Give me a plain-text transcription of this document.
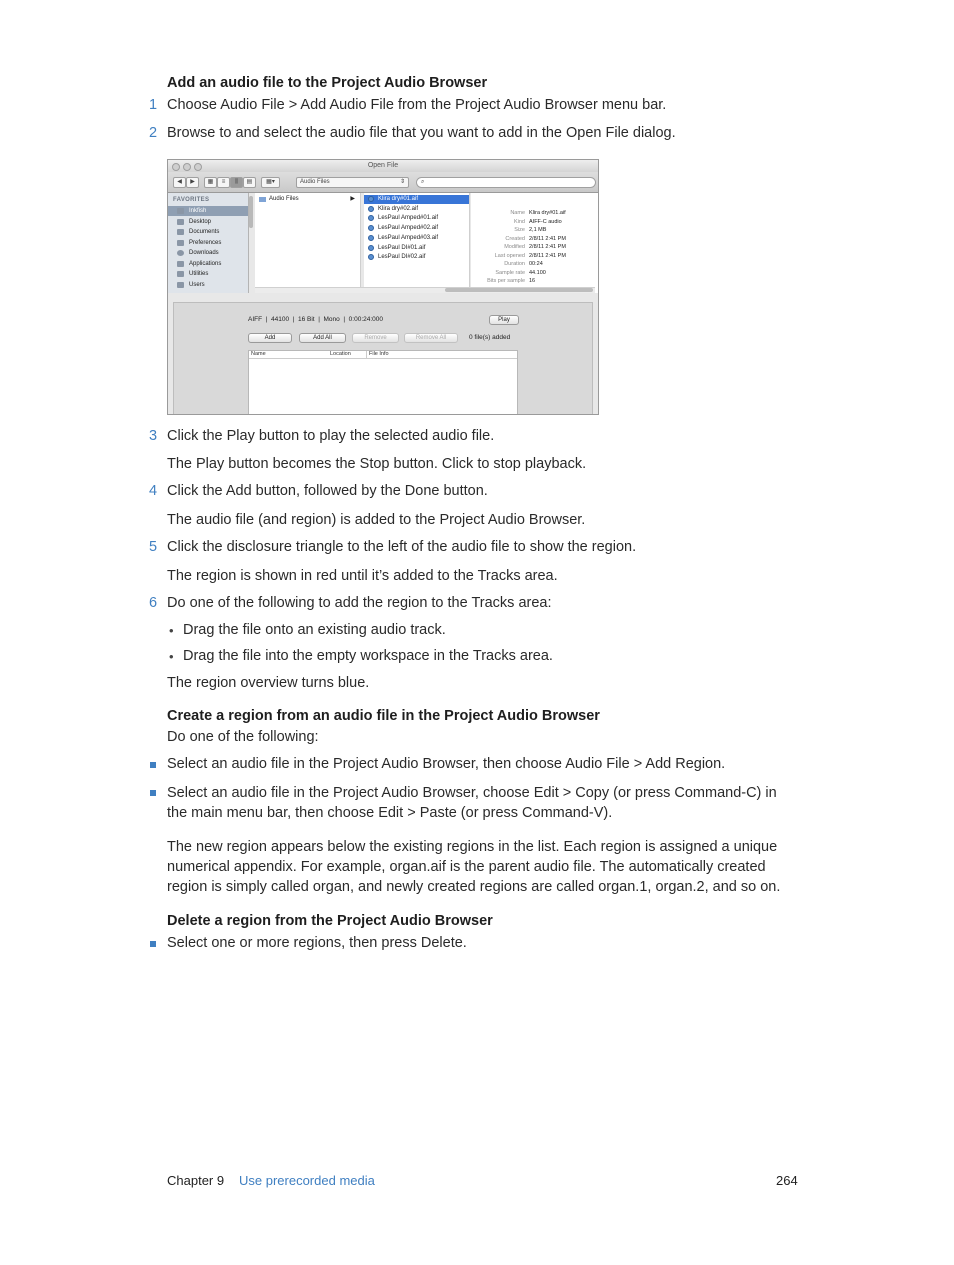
Add an audio file to the Project Audio Browser
1 Choose Audio File > Add Audio File from the Project Audio Browser menu bar.
2 Browse to and select the audio file that you want to add in the Open File dialog.
Open File
◀	▶	▦	≡	⫼	▤	▦▾	Audio Files	⇕	⌕
FAVORITES
Inkfish
Desktop
Documents
Preferences
Downloads
Applications
Utilities
Users
Audio Files	▶	Klira dry#01.aif
Klira dry#02.aif
LesPaul Amped#01.aif
LesPaul Amped#02.aif
LesPaul Amped#03.aif
LesPaul DI#01.aif
LesPaul DI#02.aif
Name Klira dry#01.aif
Kind AIFF-C audio
Size 2,1 MB
Created 2/8/11 2:41 PM
Modified 2/8/11 2:41 PM
Last opened 2/8/11 2:41 PM
Duration 00:24
Sample rate 44.100
Bits per sample 16
AIFF  |  44100  |  16 Bit  |  Mono  |  0:00:24:000	Play
Add	Add All	Remove	Remove All	0 file(s) added
Name	Location	File Info
3 Click the Play button to play the selected audio file.
The Play button becomes the Stop button. Click to stop playback.
4 Click the Add button, followed by the Done button.
The audio file (and region) is added to the Project Audio Browser.
5 Click the disclosure triangle to the left of the audio file to show the region.
The region is shown in red until it’s added to the Tracks area.
6 Do one of the following to add the region to the Tracks area:
• Drag the file onto an existing audio track.
• Drag the file into the empty workspace in the Tracks area.
The region overview turns blue.
Create a region from an audio file in the Project Audio Browser
Do one of the following:
Select an audio file in the Project Audio Browser, then choose Audio File > Add Region.
Select an audio file in the Project Audio Browser, choose Edit > Copy (or press Command-C) in the main menu bar, then choose Edit > Paste (or press Command-V).
The new region appears below the existing regions in the list. Each region is assigned a unique numerical appendix. For example, organ.aif is the parent audio file. The automatically created region is simply called organ, and newly created regions are called organ.1, organ.2, and so on.
Delete a region from the Project Audio Browser
Select one or more regions, then press Delete.
Chapter 9 Use prerecorded media	264
